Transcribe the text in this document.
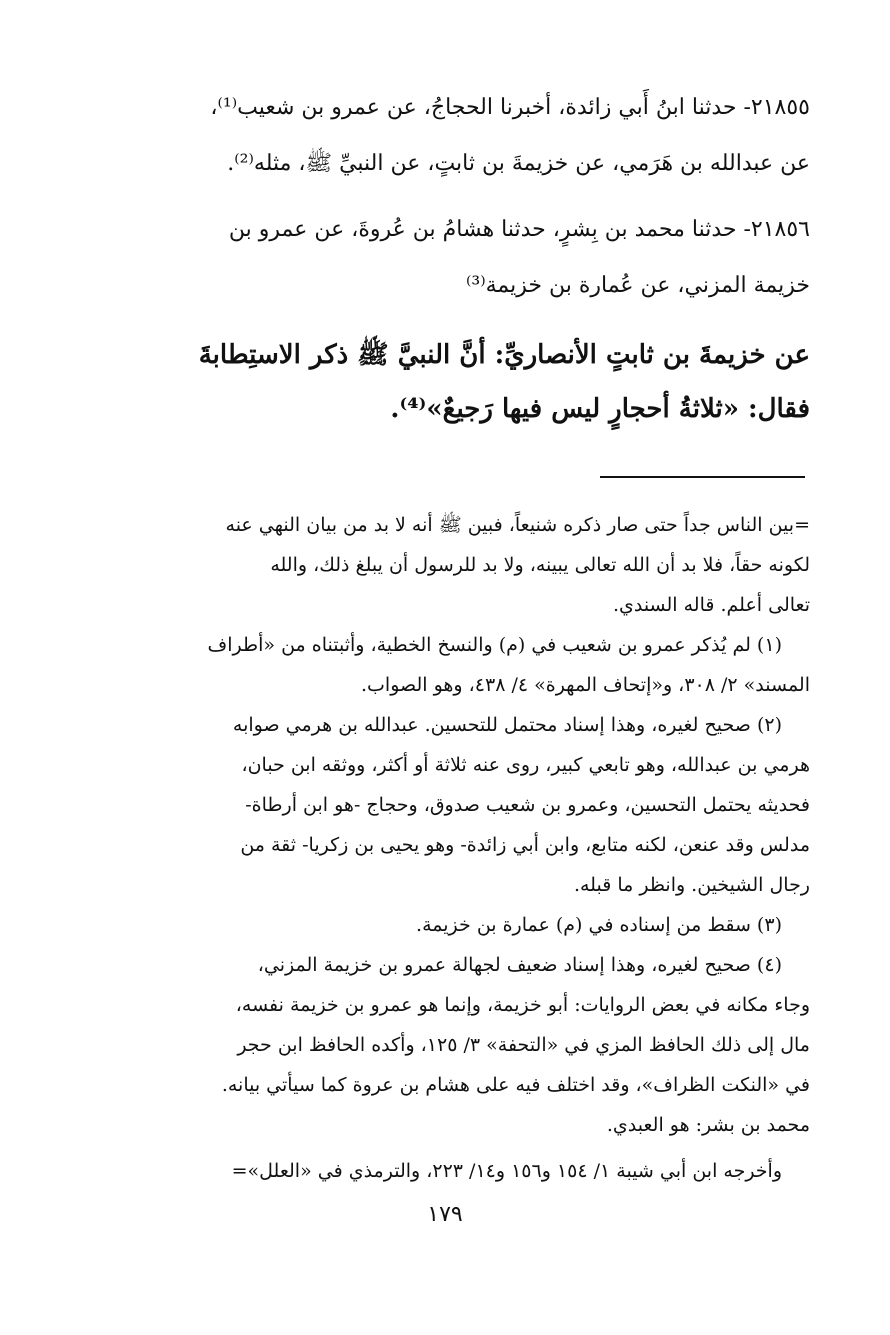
٢١٨٥٥- حدثنا ابنُ أَبي زائدة، أخبرنا الحجاجُ، عن عمرو بن شعيب⁽¹⁾،
عن عبدالله بن هَرَمي، عن خزيمةَ بن ثابتٍ، عن النبيِّ ﷺ، مثله⁽²⁾.

٢١٨٥٦- حدثنا محمد بن بِشرٍ، حدثنا هشامُ بن عُروةَ، عن عمرو بن
خزيمة المزني، عن عُمارة بن خزيمة⁽³⁾

عن خزيمةَ بن ثابتٍ الأنصاريِّ: أنَّ النبيَّ ﷺ ذكر الاستِطابةَ
فقال: «ثلاثةُ أحجارٍ ليس فيها رَجيعٌ»⁽⁴⁾.

=بين الناس جداً حتى صار ذكره شنيعاً، فبين ﷺ أنه لا بد من بيان النهي عنه
لكونه حقاً، فلا بد أن الله تعالى يبينه، ولا بد للرسول أن يبلغ ذلك، والله
تعالى أعلم. قاله السندي.

(١) لم يُذكر عمرو بن شعيب في (م) والنسخ الخطية، وأثبتناه من «أطراف
المسند» ٢/ ٣٠٨، و«إتحاف المهرة» ٤/ ٤٣٨، وهو الصواب.

(٢) صحيح لغيره، وهذا إسناد محتمل للتحسين. عبدالله بن هرمي صوابه
هرمي بن عبدالله، وهو تابعي كبير، روى عنه ثلاثة أو أكثر، ووثقه ابن حبان،
فحديثه يحتمل التحسين، وعمرو بن شعيب صدوق، وحجاج -هو ابن أرطاة-
مدلس وقد عنعن، لكنه متابع، وابن أبي زائدة- وهو يحيى بن زكريا- ثقة من
رجال الشيخين. وانظر ما قبله.

(٣) سقط من إسناده في (م) عمارة بن خزيمة.

(٤) صحيح لغيره، وهذا إسناد ضعيف لجهالة عمرو بن خزيمة المزني،
وجاء مكانه في بعض الروايات: أبو خزيمة، وإنما هو عمرو بن خزيمة نفسه،
مال إلى ذلك الحافظ المزي في «التحفة» ٣/ ١٢٥، وأكده الحافظ ابن حجر
في «النكت الظراف»، وقد اختلف فيه على هشام بن عروة كما سيأتي بيانه.
محمد بن بشر: هو العبدي.

وأخرجه ابن أبي شيبة ١/ ١٥٤ و١٥٦ و١٤/ ٢٢٣، والترمذي في «العلل»=

١٧٩
